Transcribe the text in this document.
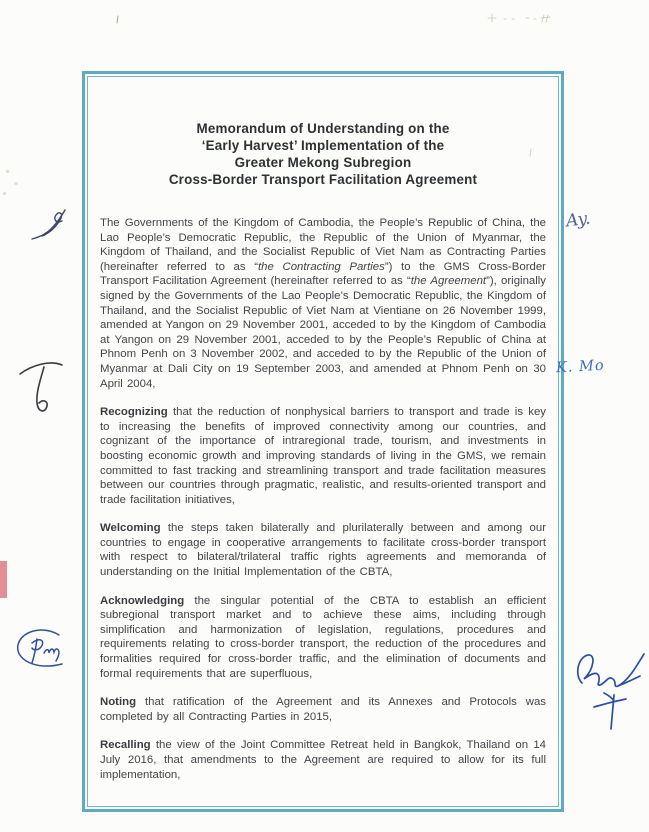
Memorandum of Understanding on the
‘Early Harvest’ Implementation of the
Greater Mekong Subregion
Cross-Border Transport Facilitation Agreement

The Governments of the Kingdom of Cambodia, the People’s Republic of China, the Lao People’s Democratic Republic, the Republic of the Union of Myanmar, the Kingdom of Thailand, and the Socialist Republic of Viet Nam as Contracting Parties (hereinafter referred to as “the Contracting Parties”) to the GMS Cross-Border Transport Facilitation Agreement (hereinafter referred to as “the Agreement”), originally signed by the Governments of the Lao People’s Democratic Republic, the Kingdom of Thailand, and the Socialist Republic of Viet Nam at Vientiane on 26 November 1999, amended at Yangon on 29 November 2001, acceded to by the Kingdom of Cambodia at Yangon on 29 November 2001, acceded to by the People’s Republic of China at Phnom Penh on 3 November 2002, and acceded to by the Republic of the Union of Myanmar at Dali City on 19 September 2003, and amended at Phnom Penh on 30 April 2004,

Recognizing that the reduction of nonphysical barriers to transport and trade is key to increasing the benefits of improved connectivity among our countries, and cognizant of the importance of intraregional trade, tourism, and investments in boosting economic growth and improving standards of living in the GMS, we remain committed to fast tracking and streamlining transport and trade facilitation measures between our countries through pragmatic, realistic, and results-oriented transport and trade facilitation initiatives,

Welcoming the steps taken bilaterally and plurilaterally between and among our countries to engage in cooperative arrangements to facilitate cross-border transport with respect to bilateral/trilateral traffic rights agreements and memoranda of understanding on the Initial Implementation of the CBTA,

Acknowledging the singular potential of the CBTA to establish an efficient subregional transport market and to achieve these aims, including through simplification and harmonization of legislation, regulations, procedures and requirements relating to cross-border transport, the reduction of the procedures and formalities required for cross-border traffic, and the elimination of documents and formal requirements that are superfluous,

Noting that ratification of the Agreement and its Annexes and Protocols was completed by all Contracting Parties in 2015,

Recalling the view of the Joint Committee Retreat held in Bangkok, Thailand on 14 July 2016, that amendments to the Agreement are required to allow for its full implementation,

Ay.
K. Mo
